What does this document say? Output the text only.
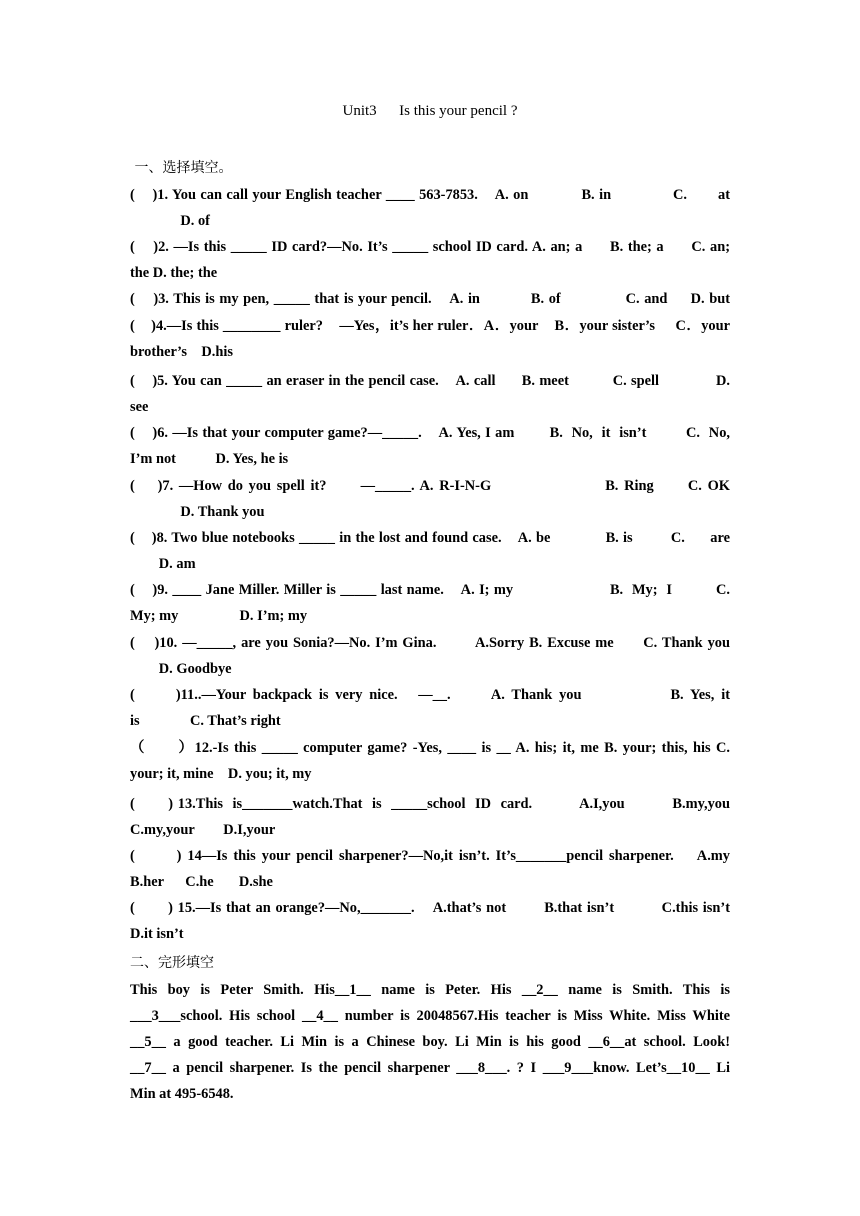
Unit3      Is this your pencil ?
一、选择填空。
(    )1. You can call your English teacher ____ 563-7853.    A. on            B. in              C.       at
D. of
(    )2. —Is this _____ ID card?—No. It’s _____ school ID card. A. an; a      B. the; a      C. an;
the D. the; the
(    )3. This is my pen, _____ that is your pencil.    A. in           B. of              C. and     D. but
(    )4.—Is this ________ ruler?    —Yes，it’s her ruler．A．your    B．your sister’s     C．your
brother’s    D.his
(    )5. You can _____ an eraser in the pencil case.    A. call      B. meet          C. spell             D.
see
(    )6. —Is that your computer game?—_____.    A. Yes, I am        B.  No,  it  isn’t         C.  No,
I’m not           D. Yes, he is
(    )7. —How do you spell it?      —_____. A. R-I-N-G                    B. Ring      C. OK
D. Thank you
(    )8. Two blue notebooks _____ in the lost and found case.    A. be             B. is         C.      are
D. am
(    )9. ____ Jane Miller. Miller is _____ last name.    A. I; my                      B.  My;  I          C.
My; my                 D. I’m; my
(    )10. —_____, are you Sonia?—No. I’m Gina.        A.Sorry B. Excuse me      C. Thank you
D. Goodbye
(      )11..—Your backpack is very nice.   —__.      A. Thank you             B. Yes, it
is              C. That’s right
（      ）12.-Is this _____ computer game? -Yes, ____ is __ A. his; it, me B. your; this, his C.
your; it, mine    D. you; it, my
(       ) 13.This  is_______watch.That  is  _____school  ID  card.          A.I,you          B.my,you
C.my,your        D.I,your
(       ) 14—Is this your pencil sharpener?—No,it isn’t. It’s_______pencil sharpener.    A.my
B.her      C.he       D.she
(       ) 15.—Is that an orange?—No,_______.    A.that’s not        B.that isn’t          C.this isn’t
D.it isn’t
二、完形填空
This boy is Peter Smith. His__1__ name is Peter. His __2__ name is Smith. This is
___3___school. His school __4__ number is 20048567.His teacher is Miss White. Miss White
__5__ a good teacher. Li Min is a Chinese boy. Li Min is his good __6__at school. Look!
__7__ a pencil sharpener. Is the pencil sharpener ___8___. ? I ___9___know. Let’s__10__ Li
Min at 495-6548.
